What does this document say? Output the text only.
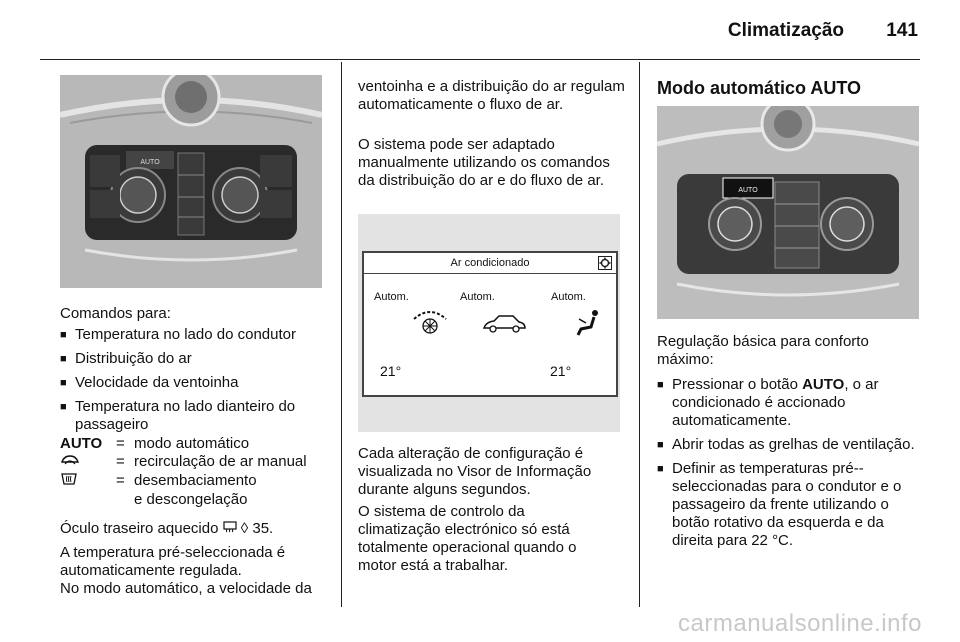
Climatização 141
AUTO
Comandos para:
■ Temperatura no lado do condutor
■ Distribuição do ar
■ Velocidade da ventoinha
■ Temperatura no lado dianteiro do passageiro
AUTO = modo automático
= recirculação de ar manual
= desembaciamento
e descongelação
Óculo traseiro aquecido ◊ 35.
A temperatura pré-seleccionada é automaticamente regulada.
No modo automático, a velocidade da
ventoinha e a distribuição do ar regulam automaticamente o fluxo de ar.
O sistema pode ser adaptado manualmente utilizando os comandos da distribuição do ar e do fluxo de ar.
Ar condicionado
Autom.	Autom.	Autom.
21°	21°
Cada alteração de configuração é visualizada no Visor de Informação durante alguns segundos.
O sistema de controlo da climatização electrónico só está totalmente operacional quando o motor está a trabalhar.
Modo automático AUTO
AUTO
Regulação básica para conforto máximo:
■ Pressionar o botão AUTO, o ar condicionado é accionado automaticamente.
■ Abrir todas as grelhas de ventilação.
■ Definir as temperaturas pré--seleccionadas para o condutor e o passageiro da frente utilizando o botão rotativo da esquerda e da direita para 22 °C.
carmanualsonline.info
